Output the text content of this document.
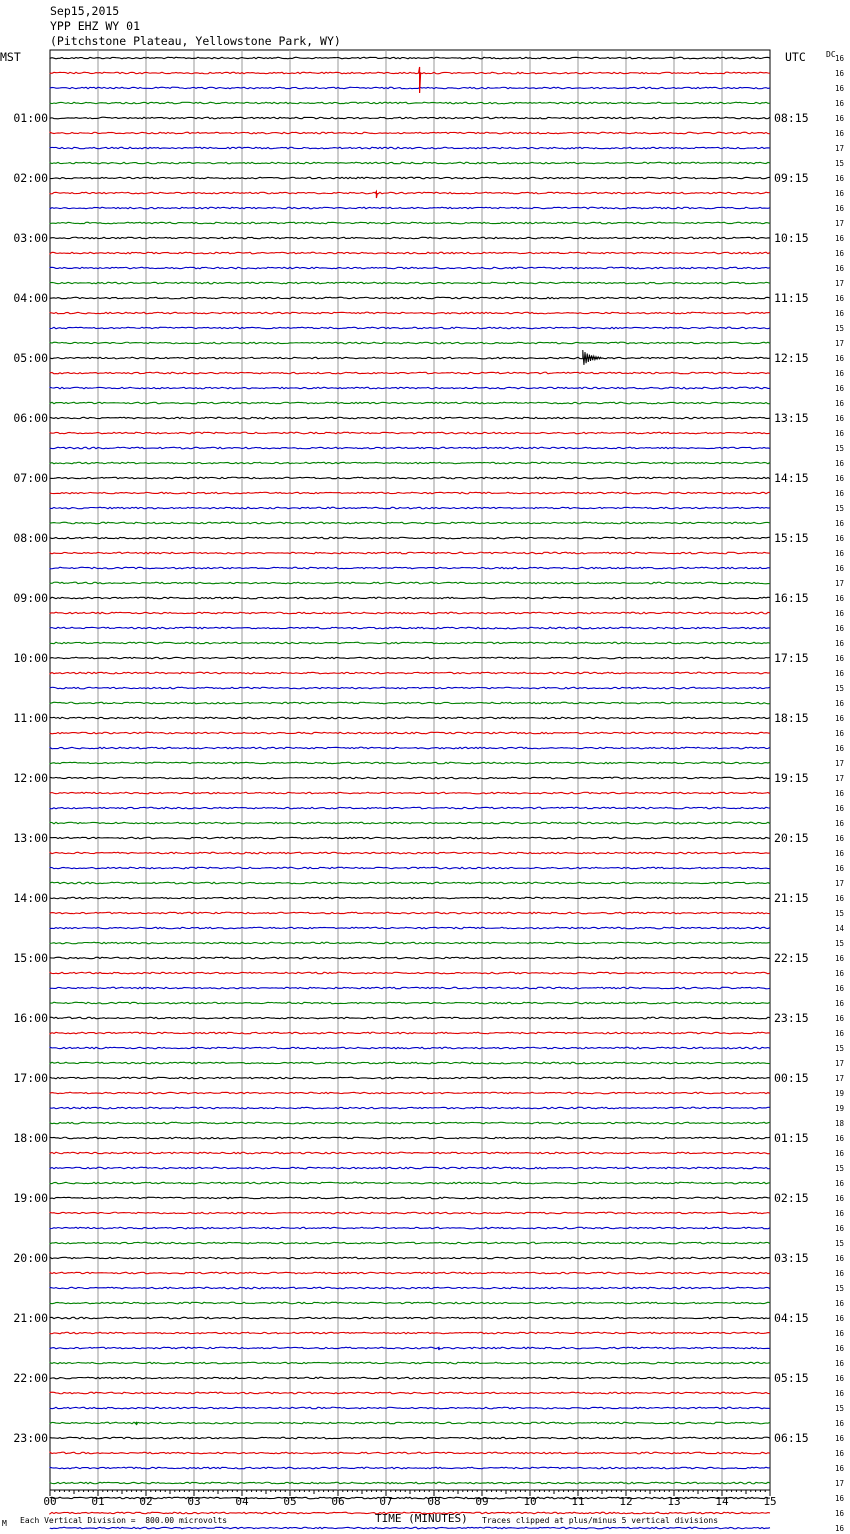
Sep15,2015
YPP EHZ WY 01
(Pitchstone Plateau, Yellowstone Park, WY)
MST	UTC	DC
01:00
02:00
03:00
04:00
05:00
06:00
07:00
08:00
09:00
10:00
11:00
12:00
13:00
14:00
15:00
16:00
17:00
18:00
19:00
20:00
21:00
22:00
23:00
08:15
09:15
10:15
11:15
12:15
13:15
14:15
15:15
16:15
17:15
18:15
19:15
20:15
21:15
22:15
23:15
00:15
01:15
02:15
03:15
04:15
05:15
06:15
16
16
16
16
16
16
17
15
16
16
16
17
16
16
16
17
16
16
15
17
16
16
16
16
16
16
15
16
16
16
15
16
16
16
16
17
16
16
16
16
16
16
15
16
16
16
16
17
17
16
16
16
16
16
16
17
16
15
14
15
16
16
16
16
16
16
15
17
17
19
19
18
16
16
15
16
16
16
16
15
16
16
15
16
16
16
16
16
16
16
15
16
16
16
16
17
16
16
16
00	01	02	03	04	05	06	07	08	09	10	11	12	13	14	15
M Each Vertical Division =  800.00 microvolts	TIME (MINUTES) Traces clipped at plus/minus 5 vertical divisions
